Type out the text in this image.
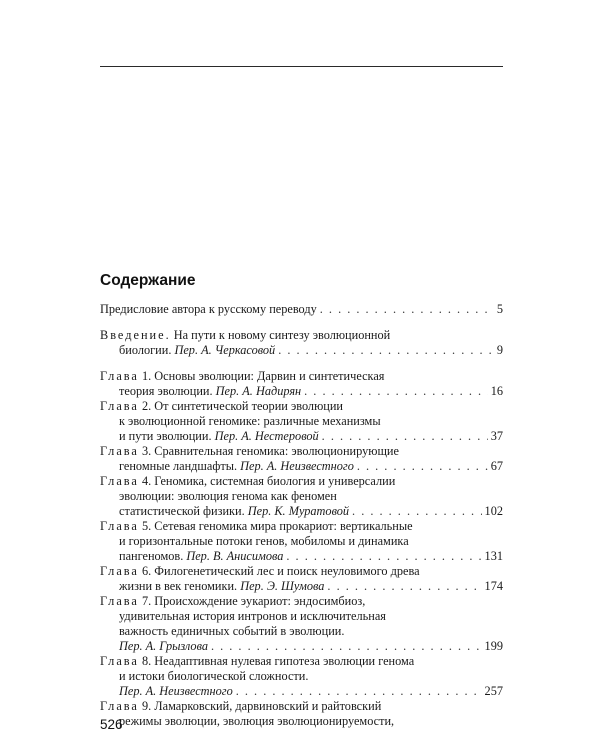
Содержание
Предисловие автора к русскому переводу . . .	5
Введение. На пути к новому синтезу эволюционной
биологии. Пер. А. Черкасовой . . .	9
Глава 1. Основы эволюции: Дарвин и синтетическая
теория эволюции. Пер. А. Надирян . . .	16
Глава 2. От синтетической теории эволюции
к эволюционной геномике: различные механизмы
и пути эволюции. Пер. А. Нестеровой . . .	37
Глава 3. Сравнительная геномика: эволюционирующие
геномные ландшафты. Пер. А. Неизвестного . . .	67
Глава 4. Геномика, системная биология и универсалии
эволюции: эволюция генома как феномен
статистической физики. Пер. К. Муратовой . . .	102
Глава 5. Сетевая геномика мира прокариот: вертикальные
и горизонтальные потоки генов, мобиломы и динамика
пангеномов. Пер. В. Анисимова . . .	131
Глава 6. Филогенетический лес и поиск неуловимого древа
жизни в век геномики. Пер. Э. Шумова . . .	174
Глава 7. Происхождение эукариот: эндосимбиоз,
удивительная история интронов и исключительная
важность единичных событий в эволюции.
Пер. А. Грызлова . . .	199
Глава 8. Неадаптивная нулевая гипотеза эволюции генома
и истоки биологической сложности.
Пер. А. Неизвестного . . .	257
Глава 9. Ламарковский, дарвиновский и райтовский
режимы эволюции, эволюция эволюционируемости,
526
